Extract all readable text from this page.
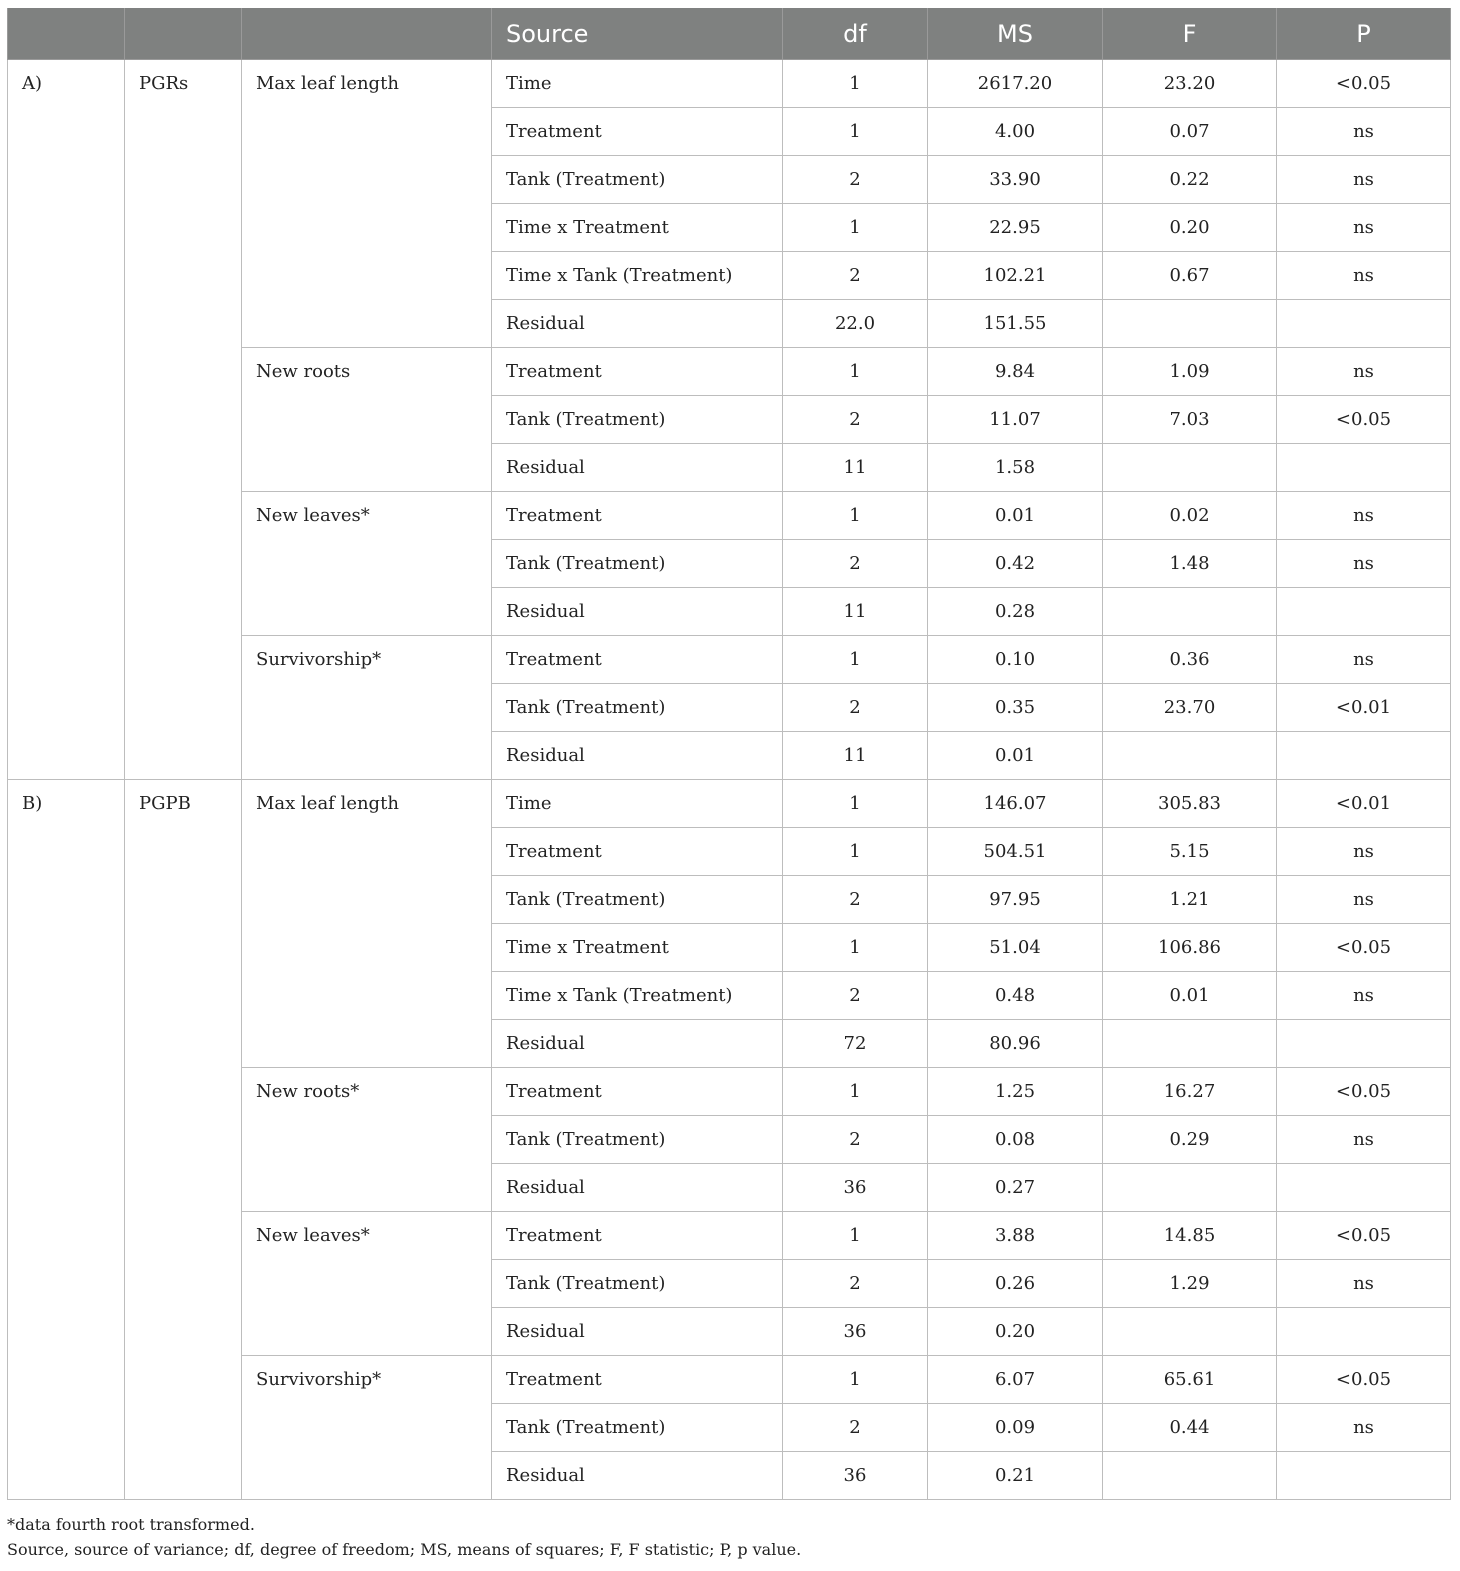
			Source	df	MS	F	P
A)	PGRs	Max leaf length	Time	1	2617.20	23.20	<0.05
			Treatment	1	4.00	0.07	ns
			Tank (Treatment)	2	33.90	0.22	ns
			Time x Treatment	1	22.95	0.20	ns
			Time x Tank (Treatment)	2	102.21	0.67	ns
			Residual	22.0	151.55		
		New roots	Treatment	1	9.84	1.09	ns
			Tank (Treatment)	2	11.07	7.03	<0.05
			Residual	11	1.58		
		New leaves*	Treatment	1	0.01	0.02	ns
			Tank (Treatment)	2	0.42	1.48	ns
			Residual	11	0.28		
		Survivorship*	Treatment	1	0.10	0.36	ns
			Tank (Treatment)	2	0.35	23.70	<0.01
			Residual	11	0.01		
B)	PGPB	Max leaf length	Time	1	146.07	305.83	<0.01
			Treatment	1	504.51	5.15	ns
			Tank (Treatment)	2	97.95	1.21	ns
			Time x Treatment	1	51.04	106.86	<0.05
			Time x Tank (Treatment)	2	0.48	0.01	ns
			Residual	72	80.96		
		New roots*	Treatment	1	1.25	16.27	<0.05
			Tank (Treatment)	2	0.08	0.29	ns
			Residual	36	0.27		
		New leaves*	Treatment	1	3.88	14.85	<0.05
			Tank (Treatment)	2	0.26	1.29	ns
			Residual	36	0.20		
		Survivorship*	Treatment	1	6.07	65.61	<0.05
			Tank (Treatment)	2	0.09	0.44	ns
			Residual	36	0.21		
*data fourth root transformed.
Source, source of variance; df, degree of freedom; MS, means of squares; F, F statistic; P, p value.
